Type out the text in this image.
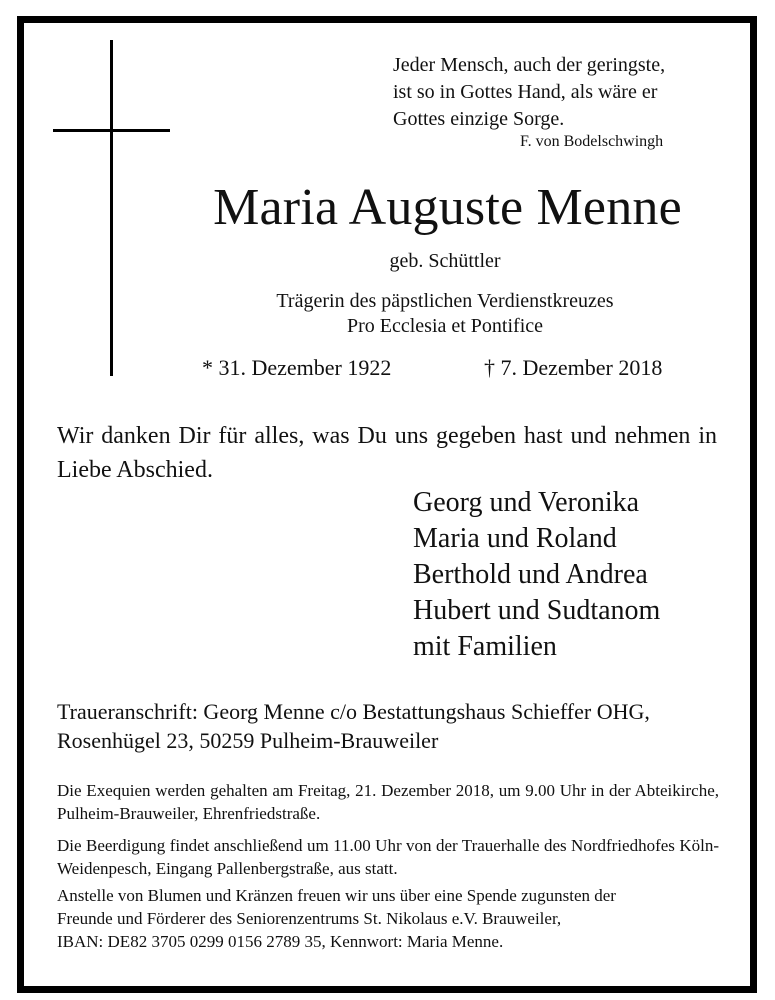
Jeder Mensch, auch der geringste,
ist so in Gottes Hand, als wäre er
Gottes einzige Sorge.
F. von Bodelschwingh
Maria Auguste Menne
geb. Schüttler
Trägerin des päpstlichen Verdienstkreuzes
Pro Ecclesia et Pontifice
* 31. Dezember 1922	† 7. Dezember 2018
Wir danken Dir für alles, was Du uns gegeben hast und nehmen in Liebe Abschied.
Georg und Veronika
Maria und Roland
Berthold und Andrea
Hubert und Sudtanom
mit Familien
Traueranschrift: Georg Menne c/o Bestattungshaus Schieffer OHG,
Rosenhügel 23, 50259 Pulheim-Brauweiler
Die Exequien werden gehalten am Freitag, 21. Dezember 2018, um 9.00 Uhr in der Abteikirche, Pulheim-Brauweiler, Ehrenfriedstraße.
Die Beerdigung findet anschließend um 11.00 Uhr von der Trauerhalle des Nordfriedhofes Köln-Weidenpesch, Eingang Pallenbergstraße, aus statt.
Anstelle von Blumen und Kränzen freuen wir uns über eine Spende zugunsten der
Freunde und Förderer des Seniorenzentrums St. Nikolaus e.V. Brauweiler,
IBAN: DE82 3705 0299 0156 2789 35, Kennwort: Maria Menne.
